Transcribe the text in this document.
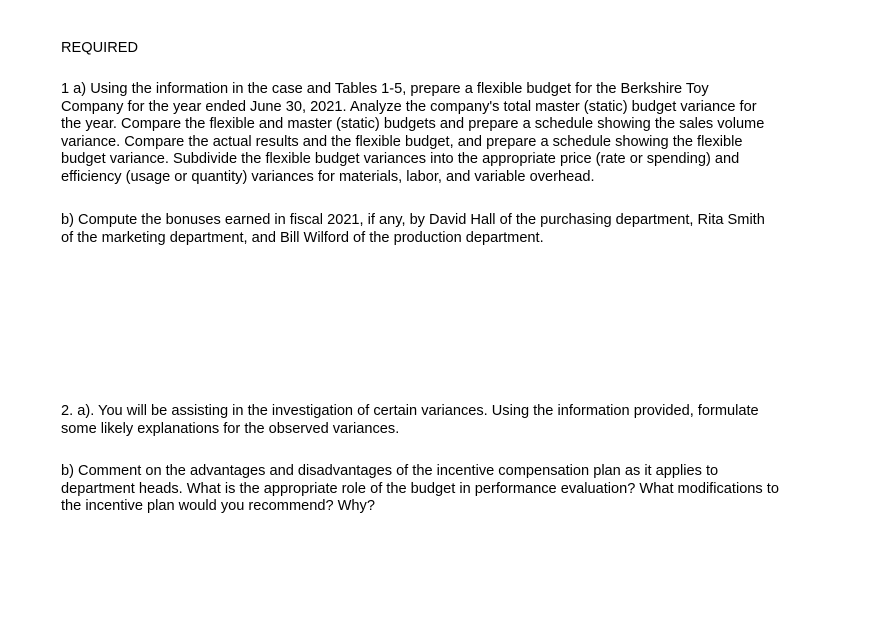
REQUIRED

1 a) Using the information in the case and Tables 1-5, prepare a flexible budget for the Berkshire Toy
Company for the year ended June 30, 2021. Analyze the company's total master (static) budget variance for
the year. Compare the flexible and master (static) budgets and prepare a schedule showing the sales volume
variance. Compare the actual results and the flexible budget, and prepare a schedule showing the flexible
budget variance. Subdivide the flexible budget variances into the appropriate price (rate or spending) and
efficiency (usage or quantity) variances for materials, labor, and variable overhead.

b) Compute the bonuses earned in fiscal 2021, if any, by David Hall of the purchasing department, Rita Smith
of the marketing department, and Bill Wilford of the production department.

2. a). You will be assisting in the investigation of certain variances. Using the information provided, formulate
some likely explanations for the observed variances.

b) Comment on the advantages and disadvantages of the incentive compensation plan as it applies to
department heads. What is the appropriate role of the budget in performance evaluation? What modifications to
the incentive plan would you recommend? Why?
